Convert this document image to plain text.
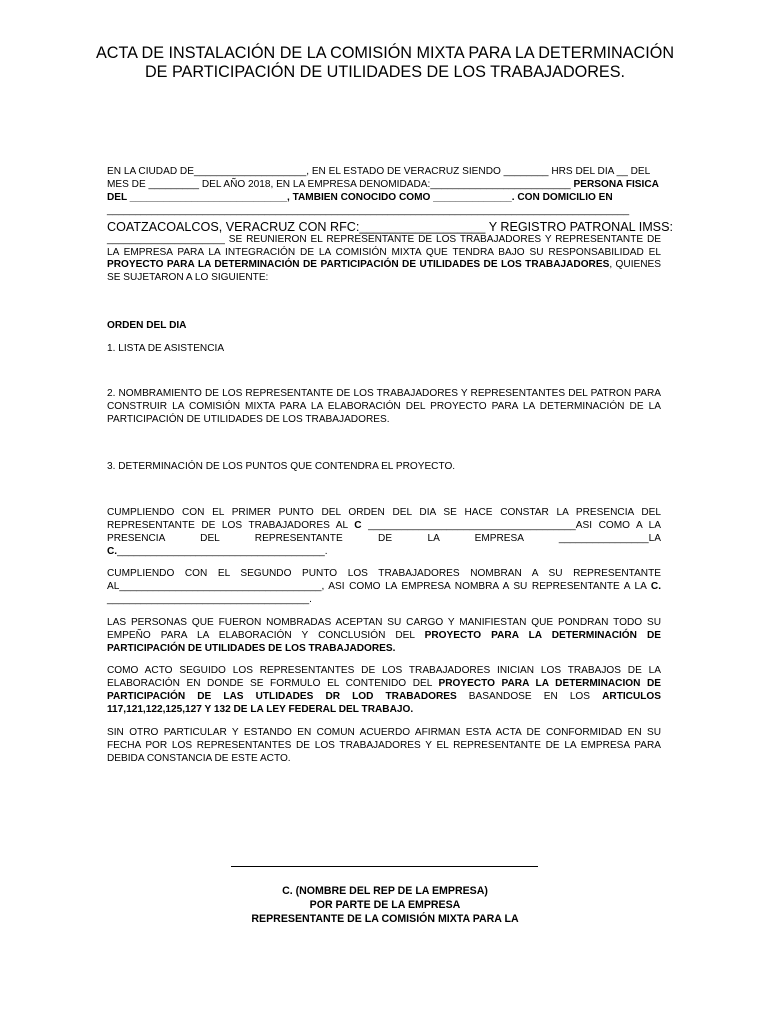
ACTA DE INSTALACIÓN DE LA COMISIÓN MIXTA PARA LA DETERMINACIÓN
DE PARTICIPACIÓN DE UTILIDADES DE LOS TRABAJADORES.
EN LA CIUDAD DE____________________, EN EL ESTADO DE VERACRUZ SIENDO ________ HRS DEL DIA __ DEL
MES DE _________ DEL AÑO 2018, EN LA EMPRESA DENOMIDADA:_________________________ PERSONA FISICA
DEL ____________________________, TAMBIEN CONOCIDO COMO ______________. CON DOMICILIO EN
_____________________________________________________________________________________________
COATZACOALCOS, VERACRUZ CON RFC:__________________ Y REGISTRO PATRONAL IMSS:
_____________________ SE REUNIERON EL REPRESENTANTE DE LOS TRABAJADORES Y REPRESENTANTE DE LA EMPRESA PARA LA INTEGRACIÓN DE LA COMISIÓN MIXTA QUE TENDRA BAJO SU RESPONSABILIDAD EL PROYECTO PARA LA DETERMINACIÓN DE PARTICIPACIÓN DE UTILIDADES DE LOS TRABAJADORES, QUIENES SE SUJETARON A LO SIGUIENTE:
ORDEN DEL DIA
1. LISTA DE ASISTENCIA
2. NOMBRAMIENTO DE LOS REPRESENTANTE DE LOS TRABAJADORES Y REPRESENTANTES DEL PATRON PARA CONSTRUIR LA COMISIÓN MIXTA PARA LA ELABORACIÓN DEL PROYECTO PARA LA DETERMINACIÓN DE LA PARTICIPACIÓN DE UTILIDADES DE LOS TRABAJADORES.
3. DETERMINACIÓN DE LOS PUNTOS QUE CONTENDRA EL PROYECTO.
CUMPLIENDO CON EL PRIMER PUNTO DEL ORDEN DEL DIA SE HACE CONSTAR LA PRESENCIA DEL REPRESENTANTE DE LOS TRABAJADORES AL C _____________________________________ASI COMO A LA PRESENCIA DEL REPRESENTANTE DE LA EMPRESA ________________LA C._____________________________________.
CUMPLIENDO CON EL SEGUNDO PUNTO LOS TRABAJADORES NOMBRAN A SU REPRESENTANTE AL____________________________________, ASI COMO LA EMPRESA NOMBRA A SU REPRESENTANTE A LA C. ____________________________________.
LAS PERSONAS QUE FUERON NOMBRADAS ACEPTAN SU CARGO Y MANIFIESTAN QUE PONDRAN TODO SU EMPEÑO PARA LA ELABORACIÓN Y CONCLUSIÓN DEL PROYECTO PARA LA DETERMINACIÓN DE PARTICIPACIÓN DE UTILIDADES DE LOS TRABAJADORES.
COMO ACTO SEGUIDO LOS REPRESENTANTES DE LOS TRABAJADORES INICIAN LOS TRABAJOS DE LA ELABORACIÓN EN DONDE SE FORMULO EL CONTENIDO DEL PROYECTO PARA LA DETERMINACION DE PARTICIPACIÓN DE LAS UTLIDADES DR LOD TRABADORES BASANDOSE EN LOS ARTICULOS 117,121,122,125,127 Y 132 DE LA LEY FEDERAL DEL TRABAJO.
SIN OTRO PARTICULAR Y ESTANDO EN COMUN ACUERDO AFIRMAN ESTA ACTA DE CONFORMIDAD EN SU FECHA POR LOS REPRESENTANTES DE LOS TRABAJADORES Y EL REPRESENTANTE DE LA EMPRESA PARA DEBIDA CONSTANCIA DE ESTE ACTO.
C. (NOMBRE DEL REP DE LA EMPRESA)
POR PARTE DE LA EMPRESA
REPRESENTANTE DE LA COMISIÓN MIXTA PARA LA
